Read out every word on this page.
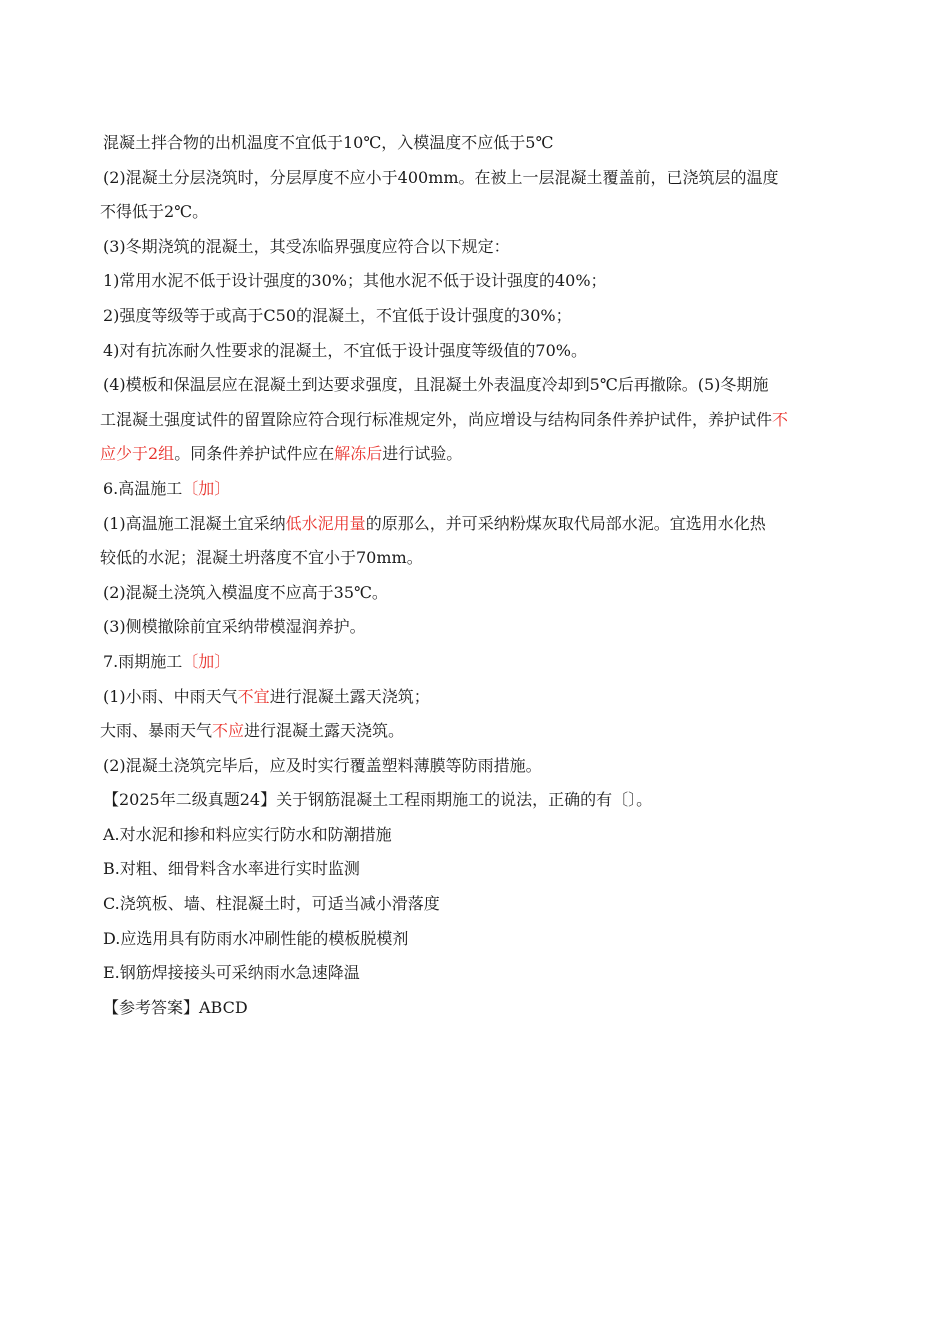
混凝土拌合物的出机温度不宜低于10℃，入模温度不应低于5℃
(2)混凝土分层浇筑时，分层厚度不应小于400mm。在被上一层混凝土覆盖前，已浇筑层的温度
不得低于2℃。
(3)冬期浇筑的混凝土，其受冻临界强度应符合以下规定：
1)常用水泥不低于设计强度的30%；其他水泥不低于设计强度的40%；
2)强度等级等于或高于C50的混凝土，不宜低于设计强度的30%；
4)对有抗冻耐久性要求的混凝土，不宜低于设计强度等级值的70%。
(4)模板和保温层应在混凝土到达要求强度，且混凝土外表温度冷却到5℃后再撤除。(5)冬期施
工混凝土强度试件的留置除应符合现行标准规定外，尚应增设与结构同条件养护试件，养护试件不
应少于2组。同条件养护试件应在解冻后进行试验。
6.高温施工〔加〕
(1)高温施工混凝土宜采纳低水泥用量的原那么，并可采纳粉煤灰取代局部水泥。宜选用水化热
较低的水泥；混凝土坍落度不宜小于70mm。
(2)混凝土浇筑入模温度不应高于35℃。
(3)侧模撤除前宜采纳带模湿润养护。
7.雨期施工〔加〕
(1)小雨、中雨天气不宜进行混凝土露天浇筑；
大雨、暴雨天气不应进行混凝土露天浇筑。
(2)混凝土浇筑完毕后，应及时实行覆盖塑料薄膜等防雨措施。
【2025年二级真题24】关于钢筋混凝土工程雨期施工的说法，正确的有〔〕。
A.对水泥和掺和料应实行防水和防潮措施
B.对粗、细骨料含水率进行实时监测
C.浇筑板、墙、柱混凝土时，可适当减小滑落度
D.应选用具有防雨水冲刷性能的模板脱模剂
E.钢筋焊接接头可采纳雨水急速降温
【参考答案】ABCD
